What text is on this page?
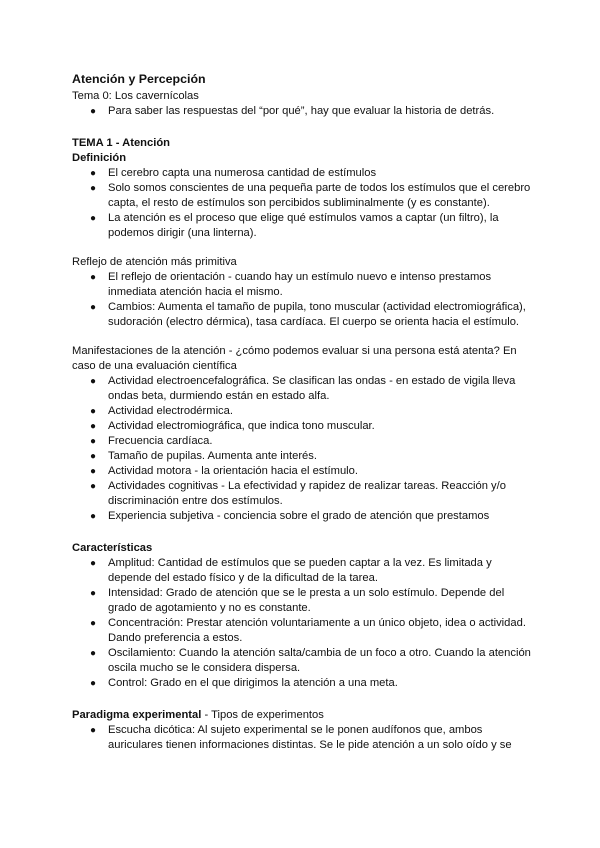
Atención y Percepción
Tema 0: Los cavernícolas
● Para saber las respuestas del “por qué”, hay que evaluar la historia de detrás.
TEMA 1 - Atención
Definición
● El cerebro capta una numerosa cantidad de estímulos
● Solo somos conscientes de una pequeña parte de todos los estímulos que el cerebro capta, el resto de estímulos son percibidos subliminalmente (y es constante).
● La atención es el proceso que elige qué estímulos vamos a captar (un filtro), la podemos dirigir (una linterna).
Reflejo de atención más primitiva
● El reflejo de orientación - cuando hay un estímulo nuevo e intenso prestamos inmediata atención hacia el mismo.
● Cambios: Aumenta el tamaño de pupila, tono muscular (actividad electromiográfica), sudoración (electro dérmica), tasa cardíaca. El cuerpo se orienta hacia el estímulo.
Manifestaciones de la atención - ¿cómo podemos evaluar si una persona está atenta? En caso de una evaluación científica
● Actividad electroencefalográfica. Se clasifican las ondas - en estado de vigila lleva ondas beta, durmiendo están en estado alfa.
● Actividad electrodérmica.
● Actividad electromiográfica, que indica tono muscular.
● Frecuencia cardíaca.
● Tamaño de pupilas. Aumenta ante interés.
● Actividad motora - la orientación hacia el estímulo.
● Actividades cognitivas - La efectividad y rapidez de realizar tareas. Reacción y/o discriminación entre dos estímulos.
● Experiencia subjetiva - conciencia sobre el grado de atención que prestamos
Características
● Amplitud: Cantidad de estímulos que se pueden captar a la vez. Es limitada y depende del estado físico y de la dificultad de la tarea.
● Intensidad: Grado de atención que se le presta a un solo estímulo. Depende del grado de agotamiento y no es constante.
● Concentración: Prestar atención voluntariamente a un único objeto, idea o actividad. Dando preferencia a estos.
● Oscilamiento: Cuando la atención salta/cambia de un foco a otro. Cuando la atención oscila mucho se le considera dispersa.
● Control: Grado en el que dirigimos la atención a una meta.
Paradigma experimental - Tipos de experimentos
● Escucha dicótica: Al sujeto experimental se le ponen audífonos que, ambos auriculares tienen informaciones distintas. Se le pide atención a un solo oído y se
